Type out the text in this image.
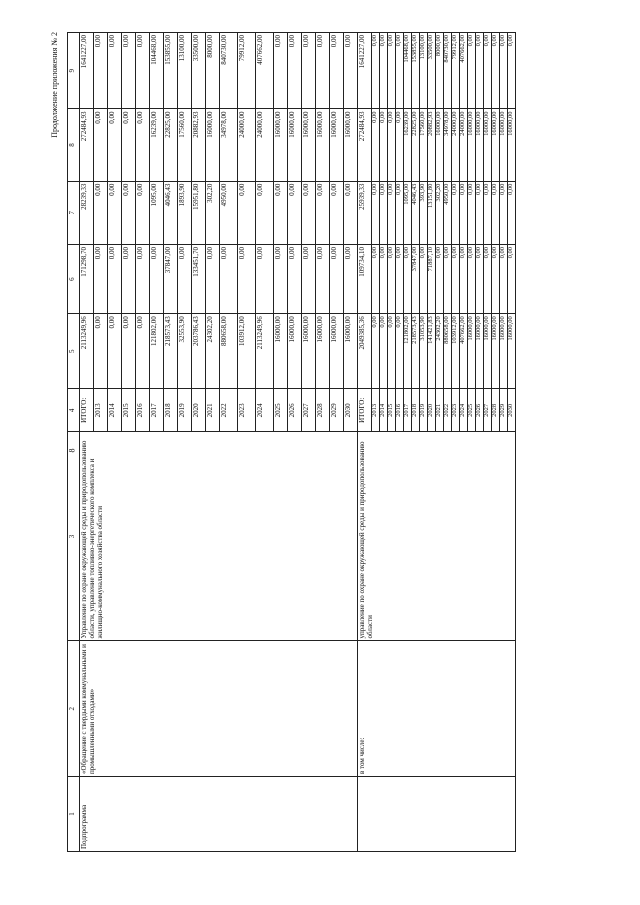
8
Продолжение приложения № 2
1	2	3	4	5	6	7	8	9
Подпрограмма	«Обращение с твердыми коммунальными и промышленными отходами»	Управление по охране окружающей среды и природопользованию области, управление топливно-энергетического комплекса и жилищно-коммунального хозяйства области	ИТОГО:	2113249,96	171298,70	28239,33	272484,93	1641227,00
			2013	0,00	0,00	0,00	0,00	0,00
			2014	0,00	0,00	0,00	0,00	0,00
			2015	0,00	0,00	0,00	0,00	0,00
			2016	0,00	0,00	0,00	0,00	0,00
			2017	121802,00	0,00	1095,00	16239,00	104468,00
			2018	218573,43	37847,00	4046,43	22825,00	153855,00
			2019	32553,90	0,00	1893,90	17560,00	13100,00
			2020	203786,43	133451,70	15951,80	20882,93	33500,00
			2021	24302,20	0,00	302,20	16000,00	8000,00
			2022	880658,00	0,00	4950,00	34978,00	840730,00
			2023	103912,00	0,00	0,00	24000,00	79912,00
			2024	2113249,96	0,00	0,00	24000,00	407662,00
			2025	16000,00	0,00	0,00	16000,00	0,00
			2026	16000,00	0,00	0,00	16000,00	0,00
			2027	16000,00	0,00	0,00	16000,00	0,00
			2028	16000,00	0,00	0,00	16000,00	0,00
			2029	16000,00	0,00	0,00	16000,00	0,00
			2030	16000,00	0,00	0,00	16000,00	0,00
	в том числе:	управление по охране окружающей среды и природопользованию области	ИТОГО:	2049385,36	109734,10	25939,33	272484,93	1641227,00
			2013	0,00	0,00	0,00	0,00	0,00
			2014	0,00	0,00	0,00	0,00	0,00
			2015	0,00	0,00	0,00	0,00	0,00
			2016	0,00	0,00	0,00	0,00	0,00
			2017	121802,00	0,00	1095,00	16239,00	104468,00
			2018	218573,43	37847,00	4046,43	22825,00	153855,00
			2019	31053,90	0,00	393,90	17560,00	13100,00
			2020	141421,83	71887,10	13151,80	20882,93	33500,00
			2021	24302,20	0,00	302,20	16000,00	8000,00
			2022	880658,00	0,00	4950,00	34978,00	840730,00
			2023	103912,00	0,00	0,00	24000,00	79912,00
			2024	407662,00	0,00	0,00	24000,00	407662,00
			2025	16000,00	0,00	0,00	16000,00	0,00
			2026	16000,00	0,00	0,00	16000,00	0,00
			2027	16000,00	0,00	0,00	16000,00	0,00
			2028	16000,00	0,00	0,00	16000,00	0,00
			2029	16000,00	0,00	0,00	16000,00	0,00
			2030	16000,00	0,00	0,00	16000,00	0,00
